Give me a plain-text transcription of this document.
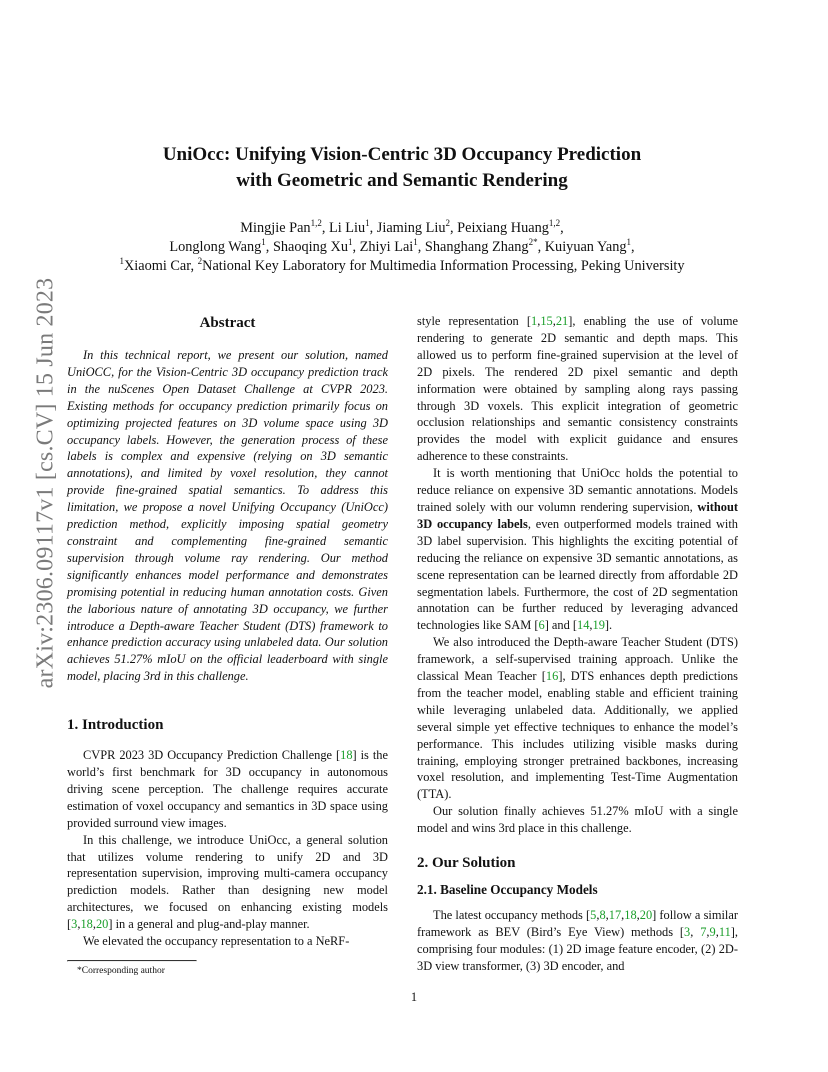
arXiv:2306.09117v1 [cs.CV] 15 Jun 2023
UniOcc: Unifying Vision-Centric 3D Occupancy Prediction
with Geometric and Semantic Rendering
Mingjie Pan$^{1,2}$, Li Liu$^1$, Jiaming Liu$^2$, Peixiang Huang$^{1,2}$,
Longlong Wang$^1$, Shaoqing Xu$^1$, Zhiyi Lai$^1$, Shanghang Zhang$^{2*}$, Kuiyuan Yang$^1$,
$^1$Xiaomi Car, $^2$National Key Laboratory for Multimedia Information Processing, Peking University
Abstract

In this technical report, we present our solution, named UniOCC, for the Vision-Centric 3D occupancy prediction track in the nuScenes Open Dataset Challenge at CVPR 2023. Existing methods for occupancy prediction primarily focus on optimizing projected features on 3D volume space using 3D occupancy labels. However, the generation process of these labels is complex and expensive (relying on 3D semantic annotations), and limited by voxel resolution, they cannot provide fine-grained spatial semantics. To address this limitation, we propose a novel Unifying Occupancy (UniOcc) prediction method, explicitly imposing spatial geometry constraint and complementing fine-grained semantic supervision through volume ray rendering. Our method significantly enhances model performance and demonstrates promising potential in reducing human annotation costs. Given the laborious nature of annotating 3D occupancy, we further introduce a Depth-aware Teacher Student (DTS) framework to enhance prediction accuracy using unlabeled data. Our solution achieves 51.27% mIoU on the official leaderboard with single model, placing 3rd in this challenge.

1. Introduction

CVPR 2023 3D Occupancy Prediction Challenge [18] is the world’s first benchmark for 3D occupancy in autonomous driving scene perception. The challenge requires accurate estimation of voxel occupancy and semantics in 3D space using provided surround view images.

In this challenge, we introduce UniOcc, a general solution that utilizes volume rendering to unify 2D and 3D representation supervision, improving multi-camera occupancy prediction models. Rather than designing new model architectures, we focused on enhancing existing models [3,18,20] in a general and plug-and-play manner.

We elevated the occupancy representation to a NeRF-

*Corresponding author

style representation [1,15,21], enabling the use of volume rendering to generate 2D semantic and depth maps. This allowed us to perform fine-grained supervision at the level of 2D pixels. The rendered 2D pixel semantic and depth information were obtained by sampling along rays passing through 3D voxels. This explicit integration of geometric occlusion relationships and semantic consistency constraints provides the model with explicit guidance and ensures adherence to these constraints.

It is worth mentioning that UniOcc holds the potential to reduce reliance on expensive 3D semantic annotations. Models trained solely with our volumn rendering supervision, without 3D occupancy labels, even outperformed models trained with 3D label supervision. This highlights the exciting potential of reducing the reliance on expensive 3D semantic annotations, as scene representation can be learned directly from affordable 2D segmentation labels. Furthermore, the cost of 2D segmentation annotation can be further reduced by leveraging advanced technologies like SAM [6] and [14,19].

We also introduced the Depth-aware Teacher Student (DTS) framework, a self-supervised training approach. Unlike the classical Mean Teacher [16], DTS enhances depth predictions from the teacher model, enabling stable and efficient training while leveraging unlabeled data. Additionally, we applied several simple yet effective techniques to enhance the model’s performance. This includes utilizing visible masks during training, employing stronger pretrained backbones, increasing voxel resolution, and implementing Test-Time Augmentation (TTA).

Our solution finally achieves 51.27% mIoU with a single model and wins 3rd place in this challenge.

2. Our Solution
2.1. Baseline Occupancy Models

The latest occupancy methods [5,8,17,18,20] follow a similar framework as BEV (Bird’s Eye View) methods [3, 7,9,11], comprising four modules: (1) 2D image feature encoder, (2) 2D-3D view transformer, (3) 3D encoder, and

1
